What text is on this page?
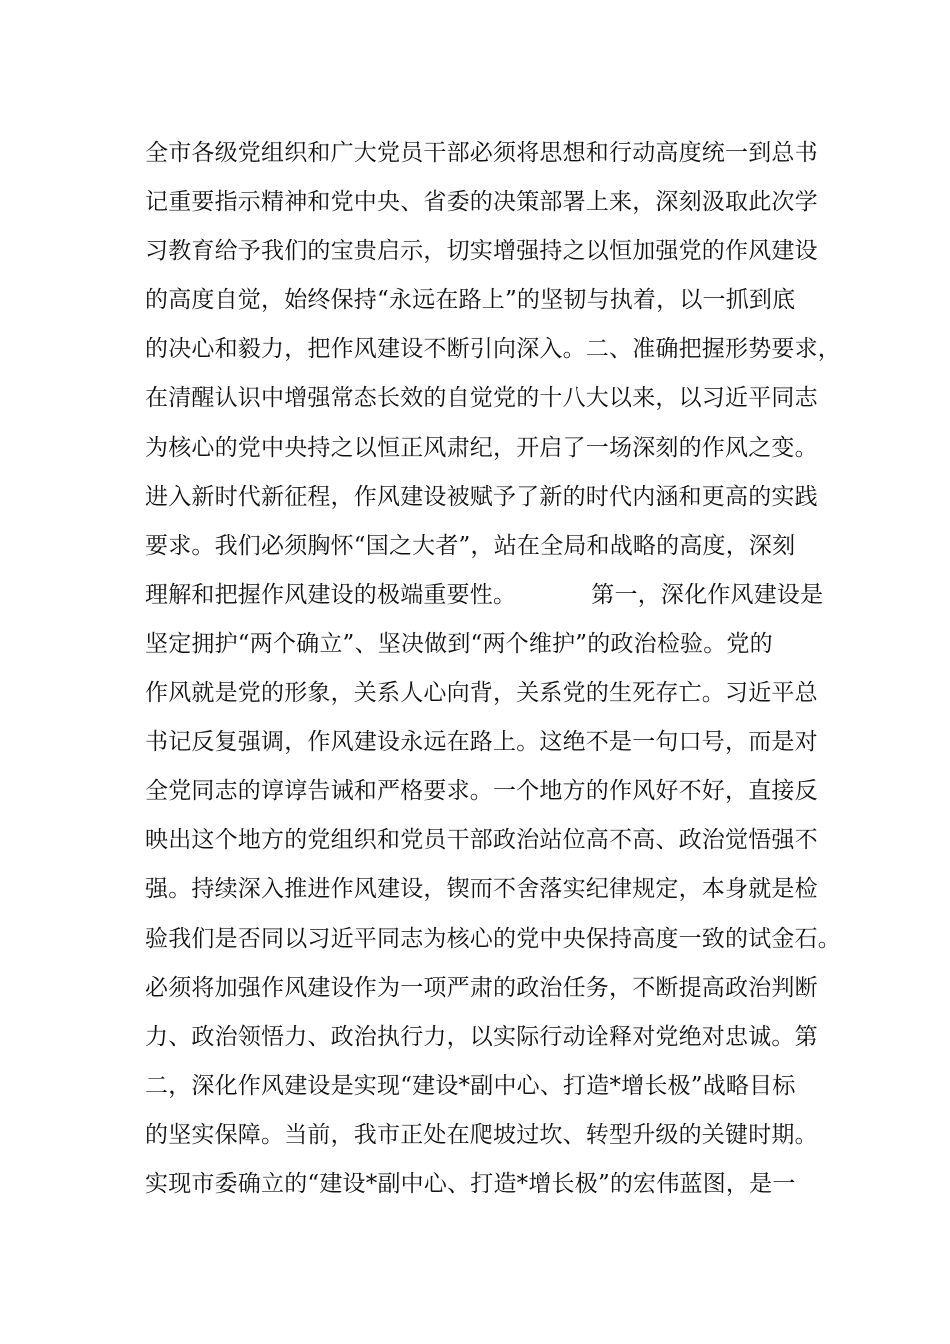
全市各级党组织和广大党员干部必须将思想和行动高度统一到总书
记重要指示精神和党中央、省委的决策部署上来，深刻汲取此次学
习教育给予我们的宝贵启示，切实增强持之以恒加强党的作风建设
的高度自觉，始终保持“永远在路上”的坚韧与执着，以一抓到底
的决心和毅力，把作风建设不断引向深入。二、准确把握形势要求，
在清醒认识中增强常态长效的自觉党的十八大以来，以习近平同志
为核心的党中央持之以恒正风肃纪，开启了一场深刻的作风之变。
进入新时代新征程，作风建设被赋予了新的时代内涵和更高的实践
要求。我们必须胸怀“国之大者”，站在全局和战略的高度，深刻
理解和把握作风建设的极端重要性。          第一，深化作风建设是
坚定拥护“两个确立”、坚决做到“两个维护”的政治检验。党的
作风就是党的形象，关系人心向背，关系党的生死存亡。习近平总
书记反复强调，作风建设永远在路上。这绝不是一句口号，而是对
全党同志的谆谆告诫和严格要求。一个地方的作风好不好，直接反
映出这个地方的党组织和党员干部政治站位高不高、政治觉悟强不
强。持续深入推进作风建设，锲而不舍落实纪律规定，本身就是检
验我们是否同以习近平同志为核心的党中央保持高度一致的试金石。
必须将加强作风建设作为一项严肃的政治任务，不断提高政治判断
力、政治领悟力、政治执行力，以实际行动诠释对党绝对忠诚。第
二，深化作风建设是实现“建设*副中心、打造*增长极”战略目标
的坚实保障。当前，我市正处在爬坡过坎、转型升级的关键时期。
实现市委确立的“建设*副中心、打造*增长极”的宏伟蓝图，是一
